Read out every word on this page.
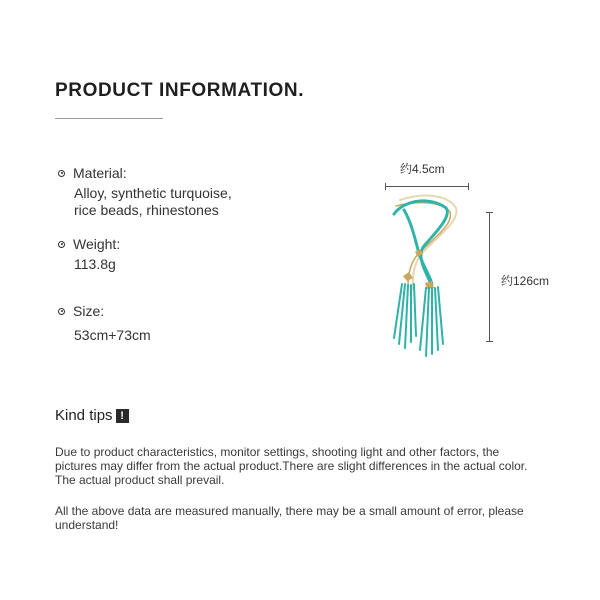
PRODUCT INFORMATION.
Material:
Alloy, synthetic turquoise,
rice beads, rhinestones
Weight:
113.8g
Size:
53cm+73cm
约4.5cm
约126cm
Kind tips !
Due to product characteristics, monitor settings, shooting light and other factors, the pictures may differ from the actual product.There are slight differences in the actual color. The actual product shall prevail.
All the above data are measured manually, there may be a small amount of error, please understand!
